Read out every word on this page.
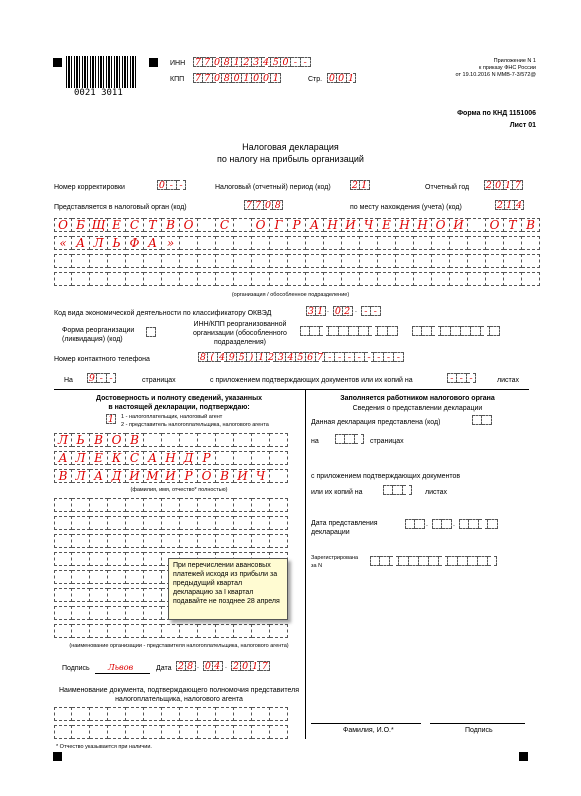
0021 3011
ИНН 7 7 0 8 1 2 3 4 5 0 - -
КПП 7 7 0 8 0 1 0 0 1	Стр. 0 0 1
Приложение N 1
к приказу ФНС России
от 19.10.2016 N ММВ-7-3/572@
Форма по КНД 1151006
Лист 01
Налоговая декларация
по налогу на прибыль организаций
Номер корректировки	0 - -	Налоговый (отчетный) период (код) 2 1	Отчетный год 2 0 1 7
Представляется в налоговый орган (код)	7 7 0 8	по месту нахождения (учета) (код)	2 1 4
О Б Щ Е С Т В О	С	О Г Р А Н И Ч Е Н Н О Й	О Т В
« А Л Ь Ф А »
(организация / обособленное подразделение)
Код вида экономической деятельности по классификатору ОКВЭД	3 1 . 0 2 . - -
Форма реорганизации
(ликвидация) (код)
ИНН/КПП реорганизованной
организации (обособленного
подразделения)
Номер контактного телефона	8 ( 4 9 5 ) 1 2 3 4 5 6 7 - - - - - - - -
На 9 - -	страницах	с приложением подтверждающих документов или их копий на	- - -	листах
Достоверность и полноту сведений, указанных
в настоящей декларации, подтверждаю:
1	1 - налогоплательщик, налоговый агент
2 - представитель налогоплательщика, налогового агента
Л Ь В О В
А Л Е К С А Н Д Р
В Л А Д И М И Р О В И Ч
(фамилия, имя, отчество* полностью)
(наименование организации - представителя налогоплательщика, налогового агента)
Подпись Львов	Дата 2 8 . 0 4 . 2 0 1 7
Наименование документа, подтверждающего полномочия представителя
налогоплательщика, налогового агента
* Отчество указывается при наличии.
Заполняется работником налогового органа
Сведения о представлении декларации
Данная декларация представлена (код)
на	страницах
с приложением подтверждающих документов
или их копий на	листах
Дата представления
декларации
.	.
Зарегистрирована
за N
Фамилия, И.О.*	Подпись
При перечислении авансовых платежей исходя из прибыли за предыдущий квартал декларацию за I квартал подавайте не позднее 28 апреля
